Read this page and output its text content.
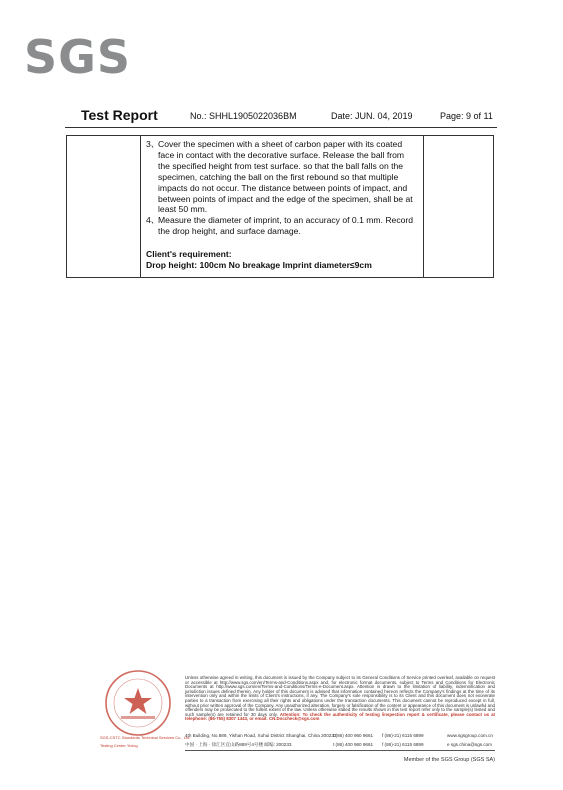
SGS
Test Report	No.: SHHL1905022036BM	Date: JUN. 04, 2019	Page: 9 of 11

3、
Cover the specimen with a sheet of carbon paper with its coated face in contact with the decorative surface. Release the ball from the specified height from test surface. so that the ball falls on the specimen, catching the ball on the first rebound so that multiple impacts do not occur. The distance between points of impact, and between points of impact and the edge of the specimen, shall be at least 50 mm.
4、
Measure the diameter of imprint, to an accuracy of 0.1 mm. Record the drop height, and surface damage.
Client's requirement:
Drop height: 100cm No breakage Imprint diameter≤9cm

SGS-CSTC Standards Technical Services Co., Ltd.
Testing Center Yixing
Unless otherwise agreed in writing, this document is issued by the Company subject to its General Conditions of Service printed overleaf, available on request or accessible at http://www.sgs.com/en/Terms-and-Conditions.aspx and, for electronic format documents, subject to Terms and Conditions for Electronic Documents at http://www.sgs.com/en/Terms-and-Conditions/Terms-e-Document.aspx. Attention is drawn to the limitation of liability, indemnification and jurisdiction issues defined therein. Any holder of this document is advised that information contained hereon reflects the Company's findings at the time of its intervention only and within the limits of Client's instructions, if any. The Company's sole responsibility is to its Client and this document does not exonerate parties to a transaction from exercising all their rights and obligations under the transaction documents. This document cannot be reproduced except in full, without prior written approval of the Company. Any unauthorized alteration, forgery or falsification of the content or appearance of this document is unlawful and offenders may be prosecuted to the fullest extent of the law. Unless otherwise stated the results shown in this test report refer only to the sample(s) tested and such sample(s) are retained for 30 days only. Attention: To check the authenticity of testing /inspection report & certificate, please contact us at telephone: (86-755) 8307 1443, or email: CN.Doccheck@sgs.com
4th Building, No.889, Yishan Road, Xuhui District Shanghai, China 200233
t (86) 400 960 9661 f (86)-21) 6115 6899	www.sgsgroup.com.cn
中国 · 上海 · 徐汇区宜山路889号4号楼 邮编: 200233	t (86) 400 960 9661 f (86)-21) 6115 6899	e sgs.china@sgs.com
Member of the SGS Group (SGS SA)
